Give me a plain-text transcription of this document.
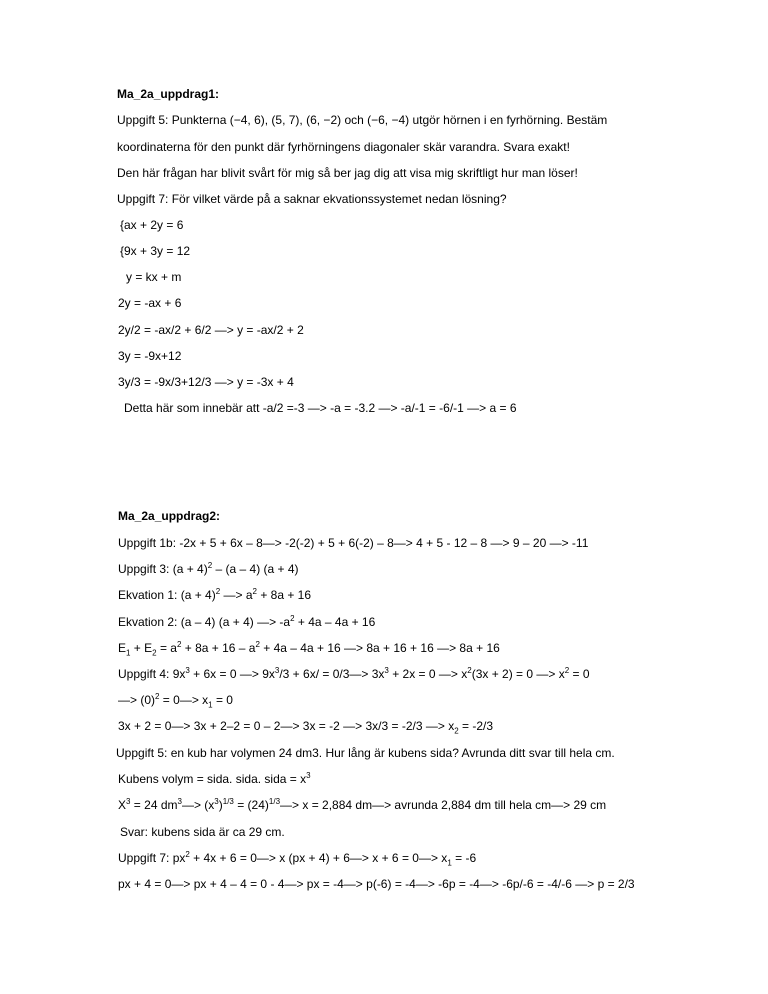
Ma_2a_uppdrag1:
Uppgift 5: Punkterna (−4, 6), (5, 7), (6, −2) och (−6, −4) utgör hörnen i en fyrhörning. Bestäm
koordinaterna för den punkt där fyrhörningens diagonaler skär varandra. Svara exakt!
Den här frågan har blivit svårt för mig så ber jag dig att visa mig skriftligt hur man löser!
Uppgift 7: För vilket värde på a saknar ekvationssystemet nedan lösning?
{ax + 2y = 6
{9x + 3y = 12
y = kx + m
2y = -ax + 6
2y/2 = -ax/2 + 6/2 —> y = -ax/2 + 2
3y = -9x+12
3y/3 = -9x/3+12/3 —> y = -3x + 4
Detta här som innebär att -a/2 =-3 —> -a = -3.2 —> -a/-1 = -6/-1 —> a = 6
Ma_2a_uppdrag2:
Uppgift 1b: -2x + 5 + 6x – 8—> -2(-2) + 5 + 6(-2) – 8—> 4 + 5 - 12 – 8 —> 9 – 20 —> -11
Uppgift 3: $(a + 4)^2 - (a - 4)$ (a + 4)
Ekvation 1: $(a + 4)^2$ —> $a^2 + 8a + 16$
Ekvation 2: (a – 4) (a + 4) —> $-a^2 + 4a - 4a + 16$
$E_1 + E_2 = a^2 + 8a + 16 - a^2 + 4a - 4a + 16$ —> 8a + 16 + 16 —> 8a + 16
Uppgift 4: $9x^3 + 6x = 0$ —> $9x^3/3 + 6x/$ = 0/3—> $3x^3 + 2x = 0$ —> $x^2(3x + 2) = 0$ —> $x^2 = 0$
—> $(0)^2$ = 0—> $x_1 = 0$
3x + 2 = 0—> 3x + 2–2 = 0 – 2—> 3x = -2 —> 3x/3 = -2/3 —> $x_2 = -2/3$
Uppgift 5: en kub har volymen 24 dm3. Hur lång är kubens sida? Avrunda ditt svar till hela cm.
Kubens volym = sida. sida. sida = $x^3$
$X^3 = 24$ $dm^3—> (x^3)^{1/3}$ = $(24)^{1/3}—> x = 2,884$ dm—> avrunda 2,884 dm till hela cm—> 29 cm
Svar: kubens sida är ca 29 cm.
Uppgift 7: $px^2 + 4x + 6$ = 0—> x (px + 4) + 6—> x + 6 = 0—> $x_1 = -6$
px + 4 = 0—> px + 4 – 4 = 0 - 4—> px = -4—> p(-6) = -4—> -6p = -4—> -6p/-6 = -4/-6 —> p = 2/3
